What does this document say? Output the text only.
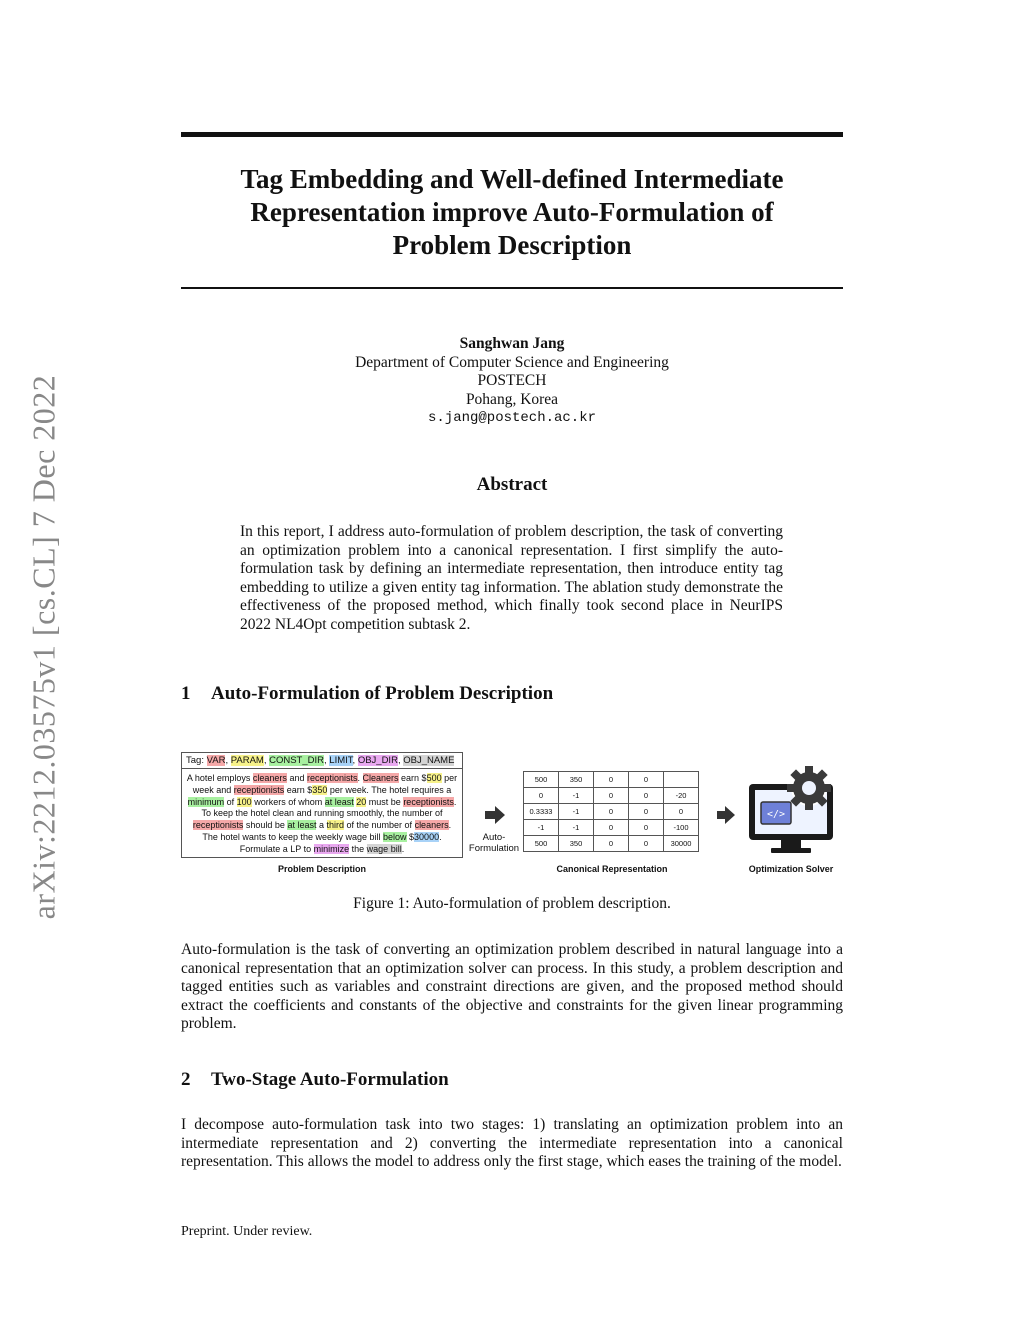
arXiv:2212.03575v1 [cs.CL] 7 Dec 2022
Tag Embedding and Well-defined Intermediate
Representation improve Auto-Formulation of
Problem Description
Sanghwan Jang
Department of Computer Science and Engineering
POSTECH
Pohang, Korea
s.jang@postech.ac.kr
Abstract
In this report, I address auto-formulation of problem description, the task of converting an optimization problem into a canonical representation. I first simplify the auto-formulation task by defining an intermediate representation, then introduce entity tag embedding to utilize a given entity tag information. The ablation study demonstrate the effectiveness of the proposed method, which finally took second place in NeurIPS 2022 NL4Opt competition subtask 2.
1 Auto-Formulation of Problem Description
Tag: VAR, PARAM, CONST_DIR, LIMIT, OBJ_DIR, OBJ_NAME
A hotel employs cleaners and receptionists. Cleaners earn $500 per week and receptionists earn $350 per week. The hotel requires a minimum of 100 workers of whom at least 20 must be receptionists. To keep the hotel clean and running smoothly, the number of receptionists should be at least a third of the number of cleaners. The hotel wants to keep the weekly wage bill below $30000. Formulate a LP to minimize the wage bill.
Problem Description
Auto-
Formulation
500	350	0	0	
0	-1	0	0	-20
0.3333	-1	0	0	0
-1	-1	0	0	-100
500	350	0	0	30000
Canonical Representation
</>
Optimization Solver
Figure 1: Auto-formulation of problem description.
Auto-formulation is the task of converting an optimization problem described in natural language into a canonical representation that an optimization solver can process. In this study, a problem description and tagged entities such as variables and constraint directions are given, and the proposed method should extract the coefficients and constants of the objective and constraints for the given linear programming problem.
2 Two-Stage Auto-Formulation
I decompose auto-formulation task into two stages: 1) translating an optimization problem into an intermediate representation and 2) converting the intermediate representation into a canonical representation. This allows the model to address only the first stage, which eases the training of the model.
Preprint. Under review.
